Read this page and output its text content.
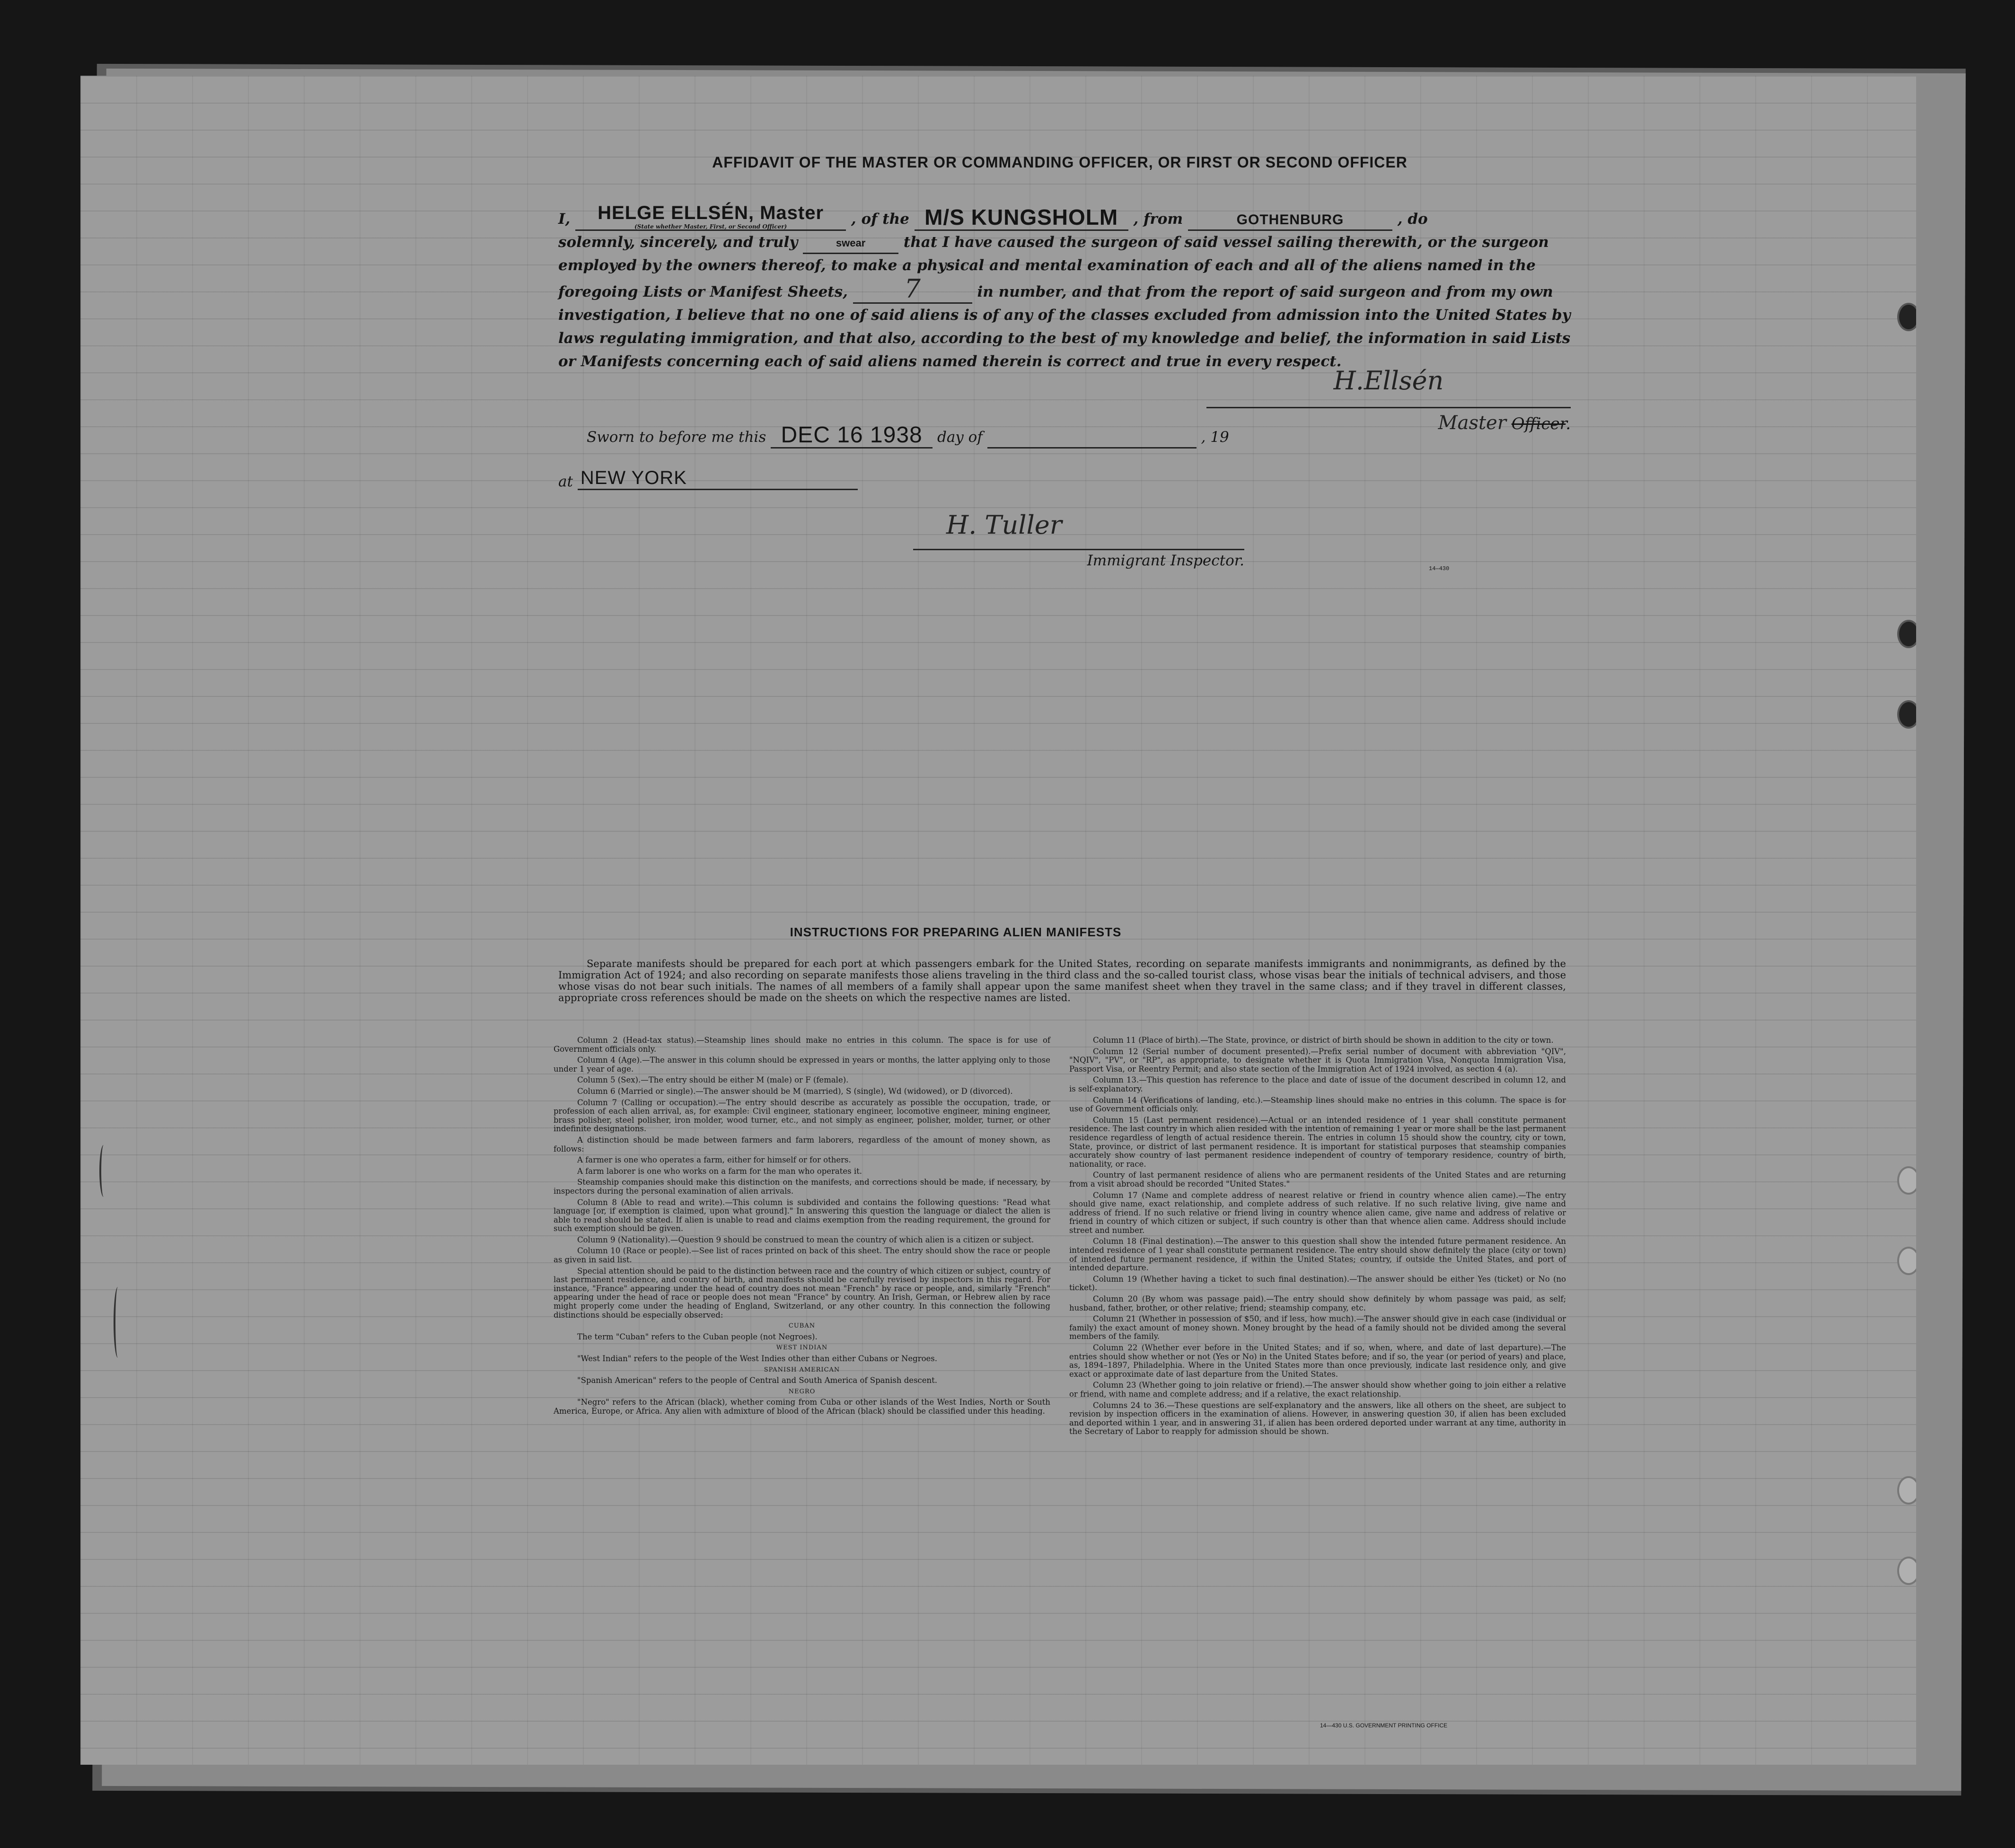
AFFIDAVIT OF THE MASTER OR COMMANDING OFFICER, OR FIRST OR SECOND OFFICER

I, HELGE ELLSÉN, Master
(State whether Master, First, or Second Officer)	, of the M/S KUNGSHOLM , from	GOTHENBURG	, do

solemnly, sincerely, and truly	swear	that I have caused the surgeon of said vessel sailing therewith, or the surgeon employed by the owners thereof, to make a physical and mental examination of each and all of the aliens named in the foregoing Lists or Manifest Sheets, 7	in number, and that from the report of said surgeon and from my own investigation, I believe that no one of said aliens is of any of the classes excluded from admission into the United States by laws regulating immigration, and that also, according to the best of my knowledge and belief, the information in said Lists or Manifests concerning each of said aliens named therein is correct and true in every respect.

H.Ellsén
Master Officer.
Sworn to before me this DEC 16 1938 day of	, 19
at NEW YORK
H. Tuller
Immigrant Inspector.	14—430
INSTRUCTIONS FOR PREPARING ALIEN MANIFESTS
Separate manifests should be prepared for each port at which passengers embark for the United States, recording on separate manifests immigrants and nonimmigrants, as defined by the Immigration Act of 1924; and also recording on separate manifests those aliens traveling in the third class and the so-called tourist class, whose visas bear the initials of technical advisers, and those whose visas do not bear such initials. The names of all members of a family shall appear upon the same manifest sheet when they travel in the same class; and if they travel in different classes, appropriate cross references should be made on the sheets on which the respective names are listed.

Column 2 (Head-tax status).—Steamship lines should make no entries in this column. The space is for use of Government officials only.

Column 4 (Age).—The answer in this column should be expressed in years or months, the latter applying only to those under 1 year of age.

Column 5 (Sex).—The entry should be either M (male) or F (female).

Column 6 (Married or single).—The answer should be M (married), S (single), Wd (widowed), or D (divorced).

Column 7 (Calling or occupation).—The entry should describe as accurately as possible the occupation, trade, or profession of each alien arrival, as, for example: Civil engineer, stationary engineer, locomotive engineer, mining engineer, brass polisher, steel polisher, iron molder, wood turner, etc., and not simply as engineer, polisher, molder, turner, or other indefinite designations.

A distinction should be made between farmers and farm laborers, regardless of the amount of money shown, as follows:

A farmer is one who operates a farm, either for himself or for others.

A farm laborer is one who works on a farm for the man who operates it.

Steamship companies should make this distinction on the manifests, and corrections should be made, if necessary, by inspectors during the personal examination of alien arrivals.

Column 8 (Able to read and write).—This column is subdivided and contains the following questions: "Read what language [or, if exemption is claimed, upon what ground]." In answering this question the language or dialect the alien is able to read should be stated. If alien is unable to read and claims exemption from the reading requirement, the ground for such exemption should be given.

Column 9 (Nationality).—Question 9 should be construed to mean the country of which alien is a citizen or subject.

Column 10 (Race or people).—See list of races printed on back of this sheet. The entry should show the race or people as given in said list.

Special attention should be paid to the distinction between race and the country of which citizen or subject, country of last permanent residence, and country of birth, and manifests should be carefully revised by inspectors in this regard. For instance, "France" appearing under the head of country does not mean "French" by race or people, and, similarly "French" appearing under the head of race or people does not mean "France" by country. An Irish, German, or Hebrew alien by race might properly come under the heading of England, Switzerland, or any other country. In this connection the following distinctions should be especially observed:

CUBAN

The term "Cuban" refers to the Cuban people (not Negroes).

WEST INDIAN

"West Indian" refers to the people of the West Indies other than either Cubans or Negroes.

SPANISH AMERICAN

"Spanish American" refers to the people of Central and South America of Spanish descent.

NEGRO

"Negro" refers to the African (black), whether coming from Cuba or other islands of the West Indies, North or South America, Europe, or Africa. Any alien with admixture of blood of the African (black) should be classified under this heading.

Column 11 (Place of birth).—The State, province, or district of birth should be shown in addition to the city or town.

Column 12 (Serial number of document presented).—Prefix serial number of document with abbreviation "QIV", "NQIV", "PV", or "RP", as appropriate, to designate whether it is Quota Immigration Visa, Nonquota Immigration Visa, Passport Visa, or Reentry Permit; and also state section of the Immigration Act of 1924 involved, as section 4 (a).

Column 13.—This question has reference to the place and date of issue of the document described in column 12, and is self-explanatory.

Column 14 (Verifications of landing, etc.).—Steamship lines should make no entries in this column. The space is for use of Government officials only.

Column 15 (Last permanent residence).—Actual or an intended residence of 1 year shall constitute permanent residence. The last country in which alien resided with the intention of remaining 1 year or more shall be the last permanent residence regardless of length of actual residence therein. The entries in column 15 should show the country, city or town, State, province, or district of last permanent residence. It is important for statistical purposes that steamship companies accurately show country of last permanent residence independent of country of temporary residence, country of birth, nationality, or race.

Country of last permanent residence of aliens who are permanent residents of the United States and are returning from a visit abroad should be recorded "United States."

Column 17 (Name and complete address of nearest relative or friend in country whence alien came).—The entry should give name, exact relationship, and complete address of such relative. If no such relative living, give name and address of friend. If no such relative or friend living in country whence alien came, give name and address of relative or friend in country of which citizen or subject, if such country is other than that whence alien came. Address should include street and number.

Column 18 (Final destination).—The answer to this question shall show the intended future permanent residence. An intended residence of 1 year shall constitute permanent residence. The entry should show definitely the place (city or town) of intended future permanent residence, if within the United States; country, if outside the United States, and port of intended departure.

Column 19 (Whether having a ticket to such final destination).—The answer should be either Yes (ticket) or No (no ticket).

Column 20 (By whom was passage paid).—The entry should show definitely by whom passage was paid, as self; husband, father, brother, or other relative; friend; steamship company, etc.

Column 21 (Whether in possession of $50, and if less, how much).—The answer should give in each case (individual or family) the exact amount of money shown. Money brought by the head of a family should not be divided among the several members of the family.

Column 22 (Whether ever before in the United States; and if so, when, where, and date of last departure).—The entries should show whether or not (Yes or No) in the United States before; and if so, the year (or period of years) and place, as, 1894–1897, Philadelphia. Where in the United States more than once previously, indicate last residence only, and give exact or approximate date of last departure from the United States.

Column 23 (Whether going to join relative or friend).—The answer should show whether going to join either a relative or friend, with name and complete address; and if a relative, the exact relationship.

Columns 24 to 36.—These questions are self-explanatory and the answers, like all others on the sheet, are subject to revision by inspection officers in the examination of aliens. However, in answering question 30, if alien has been excluded and deported within 1 year, and in answering 31, if alien has been ordered deported under warrant at any time, authority in the Secretary of Labor to reapply for admission should be shown.

14—430 U.S. GOVERNMENT PRINTING OFFICE
